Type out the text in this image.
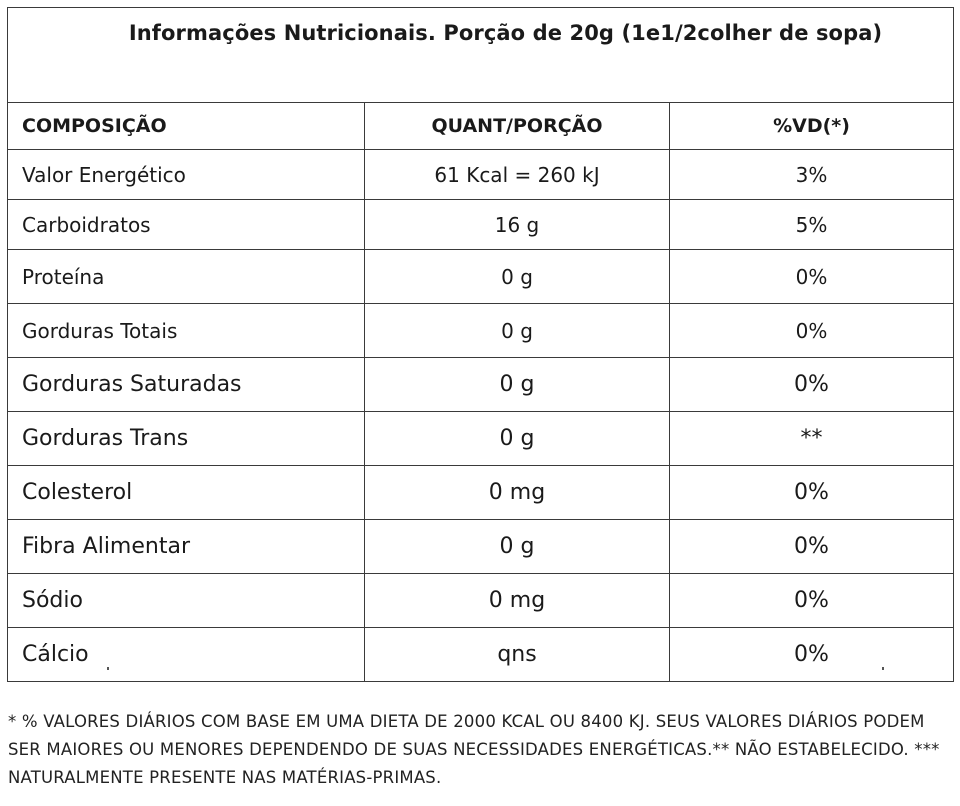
Informações Nutricionais. Porção de 20g (1e1/2colher de sopa)		
COMPOSIÇÃO	QUANT/PORÇÃO	%VD(*)
Valor Energético	61 Kcal = 260 kJ	3%
Carboidratos	16 g	5%
Proteína	0 g	0%
Gorduras Totais	0 g	0%
Gorduras Saturadas	0 g	0%
Gorduras Trans	0 g	**
Colesterol	0 mg	0%
Fibra Alimentar	0 g	0%
Sódio	0 mg	0%
Cálcio	qns	0%
* % VALORES DIÁRIOS COM BASE EM UMA DIETA DE 2000 KCAL OU 8400 KJ. SEUS VALORES DIÁRIOS PODEM SER MAIORES OU MENORES DEPENDENDO DE SUAS NECESSIDADES ENERGÉTICAS.** NÃO ESTABELECIDO. *** NATURALMENTE PRESENTE NAS MATÉRIAS-PRIMAS.
